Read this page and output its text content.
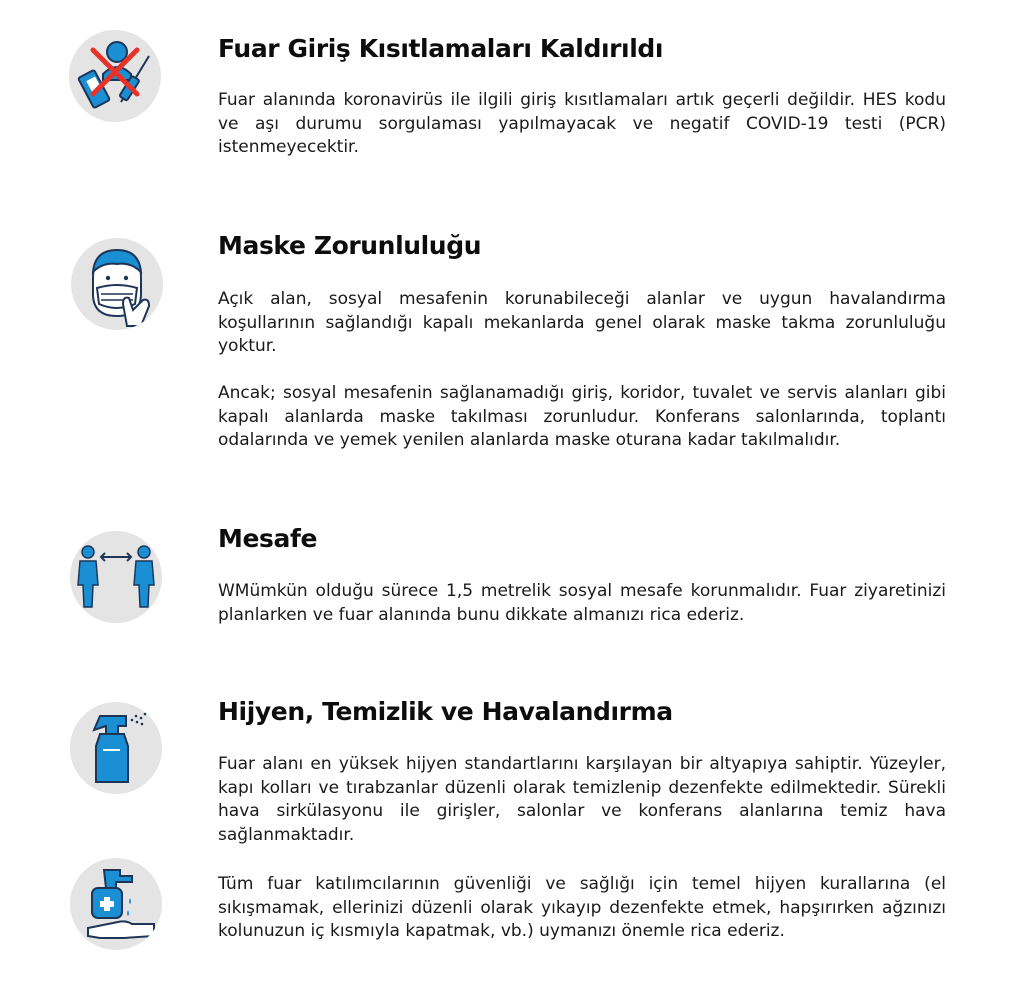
Fuar Giriş Kısıtlamaları Kaldırıldı

Fuar alanında koronavirüs ile ilgili giriş kısıtlamaları artık geçerli değildir. HES kodu ve aşı durumu sorgulaması yapılmayacak ve negatif COVID-19 testi (PCR) istenmeyecektir.

Maske Zorunluluğu

Açık alan, sosyal mesafenin korunabileceği alanlar ve uygun havalandırma koşullarının sağlandığı kapalı mekanlarda genel olarak maske takma zorunluluğu yoktur.

Ancak; sosyal mesafenin sağlanamadığı giriş, koridor, tuvalet ve servis alanları gibi kapalı alanlarda maske takılması zorunludur. Konferans salonlarında, toplantı odalarında ve yemek yenilen alanlarda maske oturana kadar takılmalıdır.

Mesafe

WMümkün olduğu sürece 1,5 metrelik sosyal mesafe korunmalıdır. Fuar ziyaretinizi planlarken ve fuar alanında bunu dikkate almanızı rica ederiz.

Hijyen, Temizlik ve Havalandırma

Fuar alanı en yüksek hijyen standartlarını karşılayan bir altyapıya sahiptir. Yüzeyler, kapı kolları ve tırabzanlar düzenli olarak temizlenip dezenfekte edilmektedir. Sürekli hava sirkülasyonu ile girişler, salonlar ve konferans alanlarına temiz hava sağlanmaktadır.

Tüm fuar katılımcılarının güvenliği ve sağlığı için temel hijyen kurallarına (el sıkışmamak, ellerinizi düzenli olarak yıkayıp dezenfekte etmek, hapşırırken ağzınızı kolunuzun iç kısmıyla kapatmak, vb.) uymanızı önemle rica ederiz.
